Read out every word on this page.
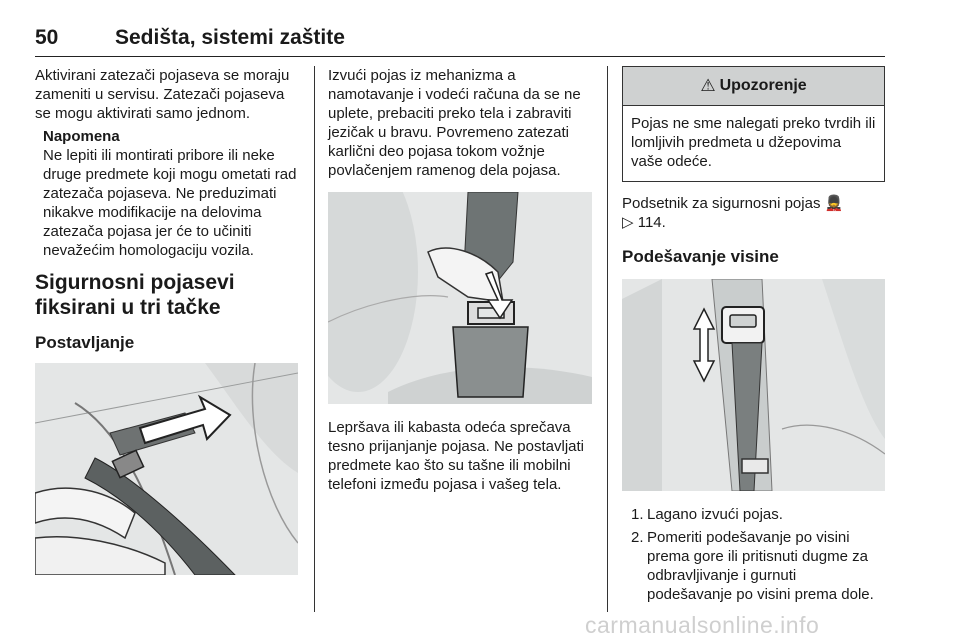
50	Sedišta, sistemi zaštite

Aktivirani zatezači pojaseva se moraju zameniti u servisu. Zatezači pojaseva se mogu aktivirati samo jednom.

Napomena

Ne lepiti ili montirati pribore ili neke druge predmete koji mogu ometati rad zatezača pojaseva. Ne preduzimati nikakve modifikacije na delovima zatezača pojasa jer će to učiniti nevažećim homologaciju vozila.

Sigurnosni pojasevi fiksirani u tri tačke
Postavljanje

Izvući pojas iz mehanizma a namotavanje i vodeći računa da se ne uplete, prebaciti preko tela i zabraviti jezičak u bravu. Povremeno zatezati karlični deo pojasa tokom vožnje povlačenjem ramenog dela pojasa.

Lepršava ili kabasta odeća sprečava tesno prijanjanje pojasa. Ne postavljati predmete kao što su tašne ili mobilni telefoni između pojasa i vašeg tela.

⚠ Upozorenje
Pojas ne sme nalegati preko tvrdih ili lomljivih predmeta u džepovima vaše odeće.

Podsetnik za sigurnosni pojas 💂
▷ 114.

Podešavanje visine
1. Lagano izvući pojas.
2. Pomeriti podešavanje po visini prema gore ili pritisnuti dugme za odbravljivanje i gurnuti podešavanje po visini prema dole.
carmanualsonline.info
